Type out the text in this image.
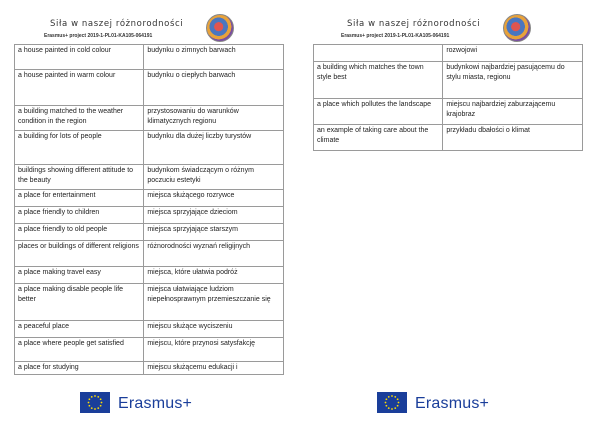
Siła w naszej różnorodności
Erasmus+ project 2019-1-PL01-KA105-064191
a house painted in cold colour	budynku o zimnych barwach
a house painted in warm colour	budynku o ciepłych barwach
a building matched to the weather condition in the region	przystosowaniu do warunków klimatycznych regionu
a building for lots of people	budynku dla dużej liczby turystów
buildings showing different attitude to the beauty	budynkom świadczącym o różnym poczuciu estetyki
a place for entertainment	miejsca służącego rozrywce
a place friendly to children	miejsca sprzyjające dzieciom
a place friendly to old people	miejsca sprzyjające starszym
places or buildings of different religions	różnorodności wyznań religijnych
a place making travel easy	miejsca, które ułatwia podróż
a place making disable people life better	miejsca ułatwiające ludziom niepełnosprawnym przemieszczanie się
a peaceful place	miejscu służące wyciszeniu
a place where people get satisfied	miejscu, które przynosi satysfakcję
a place for studying	miejscu służącemu edukacji i
Erasmus+
Siła w naszej różnorodności
Erasmus+ project 2019-1-PL01-KA105-064191
	rozwojowi
a building which matches the town style best	budynkowi najbardziej pasującemu do stylu miasta, regionu
a place which pollutes the landscape	miejscu najbardziej zaburzającemu krajobraz
an example of taking care about the climate	przykładu dbałości o klimat
Erasmus+
